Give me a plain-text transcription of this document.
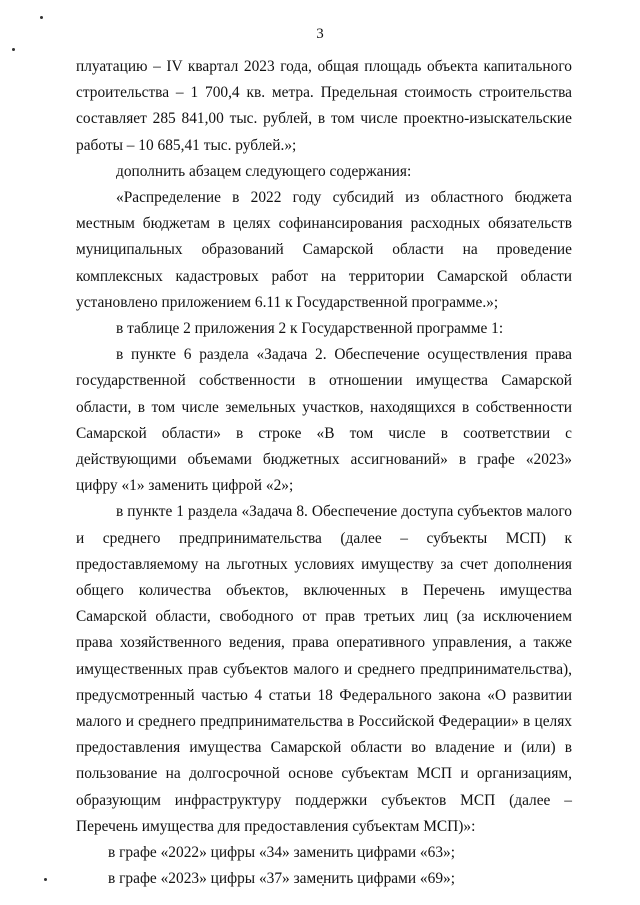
3

плуатацию – IV квартал 2023 года, общая площадь объекта капитального строительства – 1 700,4 кв. метра. Предельная стоимость строительства составляет 285 841,00 тыс. рублей, в том числе проектно-изыскательские работы – 10 685,41 тыс. рублей.»;

дополнить абзацем следующего содержания:

«Распределение в 2022 году субсидий из областного бюджета местным бюджетам в целях софинансирования расходных обязательств муниципальных образований Самарской области на проведение комплексных кадастровых работ на территории Самарской области установлено приложением 6.11 к Государственной программе.»;

в таблице 2 приложения 2 к Государственной программе 1:

в пункте 6 раздела «Задача 2. Обеспечение осуществления права государственной собственности в отношении имущества Самарской области, в том числе земельных участков, находящихся в собственности Самарской области» в строке «В том числе в соответствии с действующими объемами бюджетных ассигнований» в графе «2023» цифру «1» заменить цифрой «2»;

в пункте 1 раздела «Задача 8. Обеспечение доступа субъектов малого и среднего предпринимательства (далее – субъекты МСП) к предоставляемому на льготных условиях имуществу за счет дополнения общего количества объектов, включенных в Перечень имущества Самарской области, свободного от прав третьих лиц (за исключением права хозяйственного ведения, права оперативного управления, а также имущественных прав субъектов малого и среднего предпринимательства), предусмотренный частью 4 статьи 18 Федерального закона «О развитии малого и среднего предпринимательства в Российской Федерации» в целях предоставления имущества Самарской области во владение и (или) в пользование на долгосрочной основе субъектам МСП и организациям, образующим инфраструктуру поддержки субъектов МСП (далее – Перечень имущества для предоставления субъектам МСП)»:

в графе «2022» цифры «34» заменить цифрами «63»;

в графе «2023» цифры «37» заменить цифрами «69»;
